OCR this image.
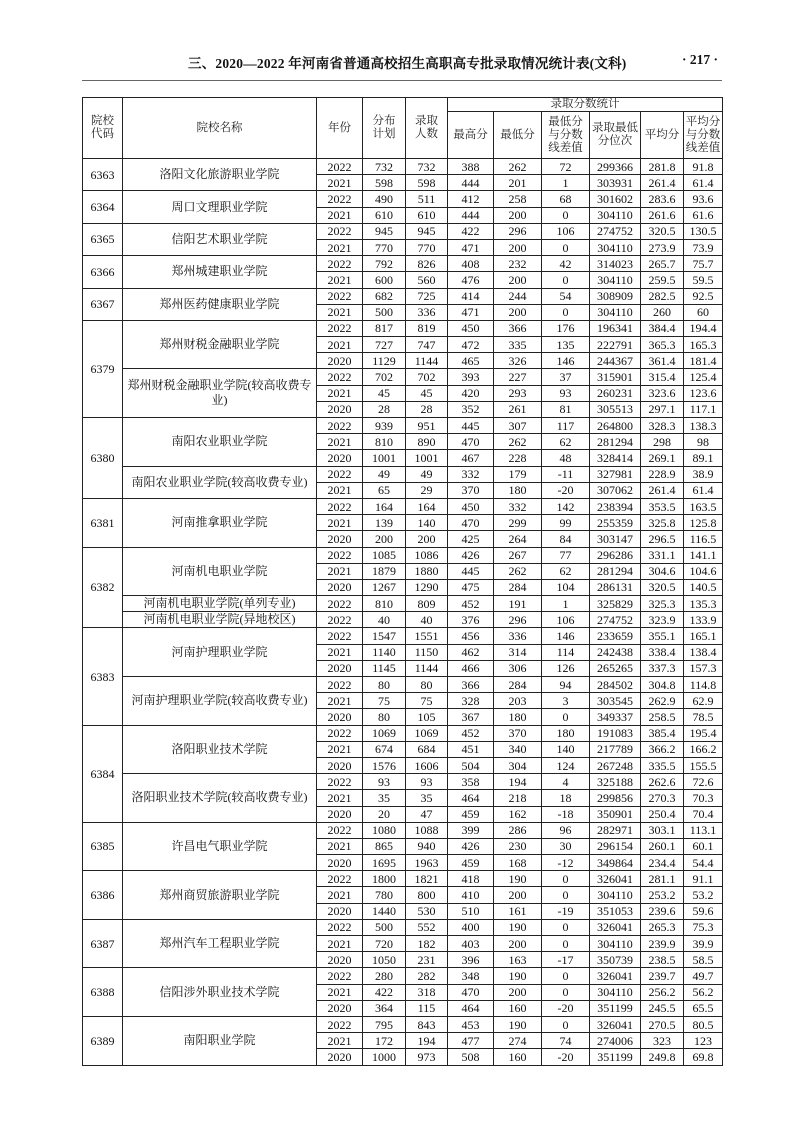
三、2020—2022 年河南省普通高校招生高职高专批录取情况统计表(文科)	· 217 ·
院校代码	院校名称	年份	分布计划	录取人数	录取分数统计					
					最高分	最低分	最低分与分数线差值	录取最低分位次	平均分	平均分与分数线差值
6363	洛阳文化旅游职业学院	2022	732	732	388	262	72	299366	281.8	91.8
		2021	598	598	444	201	1	303931	261.4	61.4
6364	周口文理职业学院	2022	490	511	412	258	68	301602	283.6	93.6
		2021	610	610	444	200	0	304110	261.6	61.6
6365	信阳艺术职业学院	2022	945	945	422	296	106	274752	320.5	130.5
		2021	770	770	471	200	0	304110	273.9	73.9
6366	郑州城建职业学院	2022	792	826	408	232	42	314023	265.7	75.7
		2021	600	560	476	200	0	304110	259.5	59.5
6367	郑州医药健康职业学院	2022	682	725	414	244	54	308909	282.5	92.5
		2021	500	336	471	200	0	304110	260	60
6379	郑州财税金融职业学院	2022	817	819	450	366	176	196341	384.4	194.4
		2021	727	747	472	335	135	222791	365.3	165.3
		2020	1129	1144	465	326	146	244367	361.4	181.4
	郑州财税金融职业学院(较高收费专业)	2022	702	702	393	227	37	315901	315.4	125.4
		2021	45	45	420	293	93	260231	323.6	123.6
		2020	28	28	352	261	81	305513	297.1	117.1
6380	南阳农业职业学院	2022	939	951	445	307	117	264800	328.3	138.3
		2021	810	890	470	262	62	281294	298	98
		2020	1001	1001	467	228	48	328414	269.1	89.1
	南阳农业职业学院(较高收费专业)	2022	49	49	332	179	-11	327981	228.9	38.9
		2021	65	29	370	180	-20	307062	261.4	61.4
6381	河南推拿职业学院	2022	164	164	450	332	142	238394	353.5	163.5
		2021	139	140	470	299	99	255359	325.8	125.8
		2020	200	200	425	264	84	303147	296.5	116.5
6382	河南机电职业学院	2022	1085	1086	426	267	77	296286	331.1	141.1
		2021	1879	1880	445	262	62	281294	304.6	104.6
		2020	1267	1290	475	284	104	286131	320.5	140.5
	河南机电职业学院(单列专业)	2022	810	809	452	191	1	325829	325.3	135.3
	河南机电职业学院(异地校区)	2022	40	40	376	296	106	274752	323.9	133.9
6383	河南护理职业学院	2022	1547	1551	456	336	146	233659	355.1	165.1
		2021	1140	1150	462	314	114	242438	338.4	138.4
		2020	1145	1144	466	306	126	265265	337.3	157.3
	河南护理职业学院(较高收费专业)	2022	80	80	366	284	94	284502	304.8	114.8
		2021	75	75	328	203	3	303545	262.9	62.9
		2020	80	105	367	180	0	349337	258.5	78.5
6384	洛阳职业技术学院	2022	1069	1069	452	370	180	191083	385.4	195.4
		2021	674	684	451	340	140	217789	366.2	166.2
		2020	1576	1606	504	304	124	267248	335.5	155.5
	洛阳职业技术学院(较高收费专业)	2022	93	93	358	194	4	325188	262.6	72.6
		2021	35	35	464	218	18	299856	270.3	70.3
		2020	20	47	459	162	-18	350901	250.4	70.4
6385	许昌电气职业学院	2022	1080	1088	399	286	96	282971	303.1	113.1
		2021	865	940	426	230	30	296154	260.1	60.1
		2020	1695	1963	459	168	-12	349864	234.4	54.4
6386	郑州商贸旅游职业学院	2022	1800	1821	418	190	0	326041	281.1	91.1
		2021	780	800	410	200	0	304110	253.2	53.2
		2020	1440	530	510	161	-19	351053	239.6	59.6
6387	郑州汽车工程职业学院	2022	500	552	400	190	0	326041	265.3	75.3
		2021	720	182	403	200	0	304110	239.9	39.9
		2020	1050	231	396	163	-17	350739	238.5	58.5
6388	信阳涉外职业技术学院	2022	280	282	348	190	0	326041	239.7	49.7
		2021	422	318	470	200	0	304110	256.2	56.2
		2020	364	115	464	160	-20	351199	245.5	65.5
6389	南阳职业学院	2022	795	843	453	190	0	326041	270.5	80.5
		2021	172	194	477	274	74	274006	323	123
		2020	1000	973	508	160	-20	351199	249.8	69.8
